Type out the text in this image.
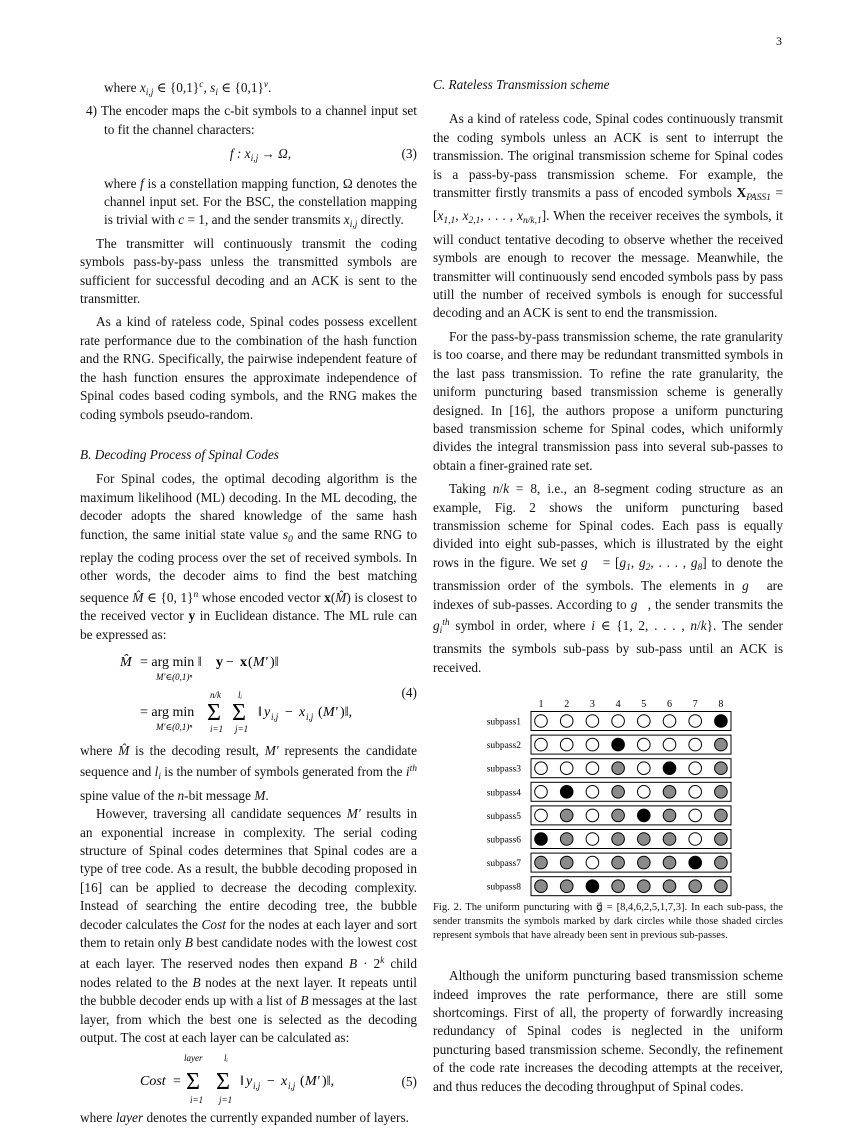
3

where $x_{i,j}$ ∈ $\{0,1\}^c$, $s_i$ ∈ $\{0,1\}^v$.

4) The encoder maps the c-bit symbols to a channel input set to fit the channel characters:

f : $x_{i,j} \to \Omega$,	(3)

where f is a constellation mapping function, Ω denotes the channel input set. For the BSC, the constellation mapping is trivial with c = 1, and the sender transmits $x_{i,j}$ directly.

The transmitter will continuously transmit the coding symbols pass-by-pass unless the transmitted symbols are sufficient for successful decoding and an ACK is sent to the transmitter.

As a kind of rateless code, Spinal codes possess excellent rate performance due to the combination of the hash function and the RNG. Specifically, the pairwise independent feature of the hash function ensures the approximate independence of Spinal codes based coding symbols, and the RNG makes the coding symbols pseudo-random.

B. Decoding Process of Spinal Codes

For Spinal codes, the optimal decoding algorithm is the maximum likelihood (ML) decoding. In the ML decoding, the decoder adopts the shared knowledge of the same hash function, the same initial state value $s_0$ and the same RNG to replay the coding process over the set of received symbols. In other words, the decoder aims to find the best matching sequence M̂ ∈ {0, 1}$^n$ whose encoded vector x(M̂) is closest to the received vector y in Euclidean distance. The ML rule can be expressed as:

M̂ = arg min ‖ y − x ( M′ )‖
M′∈(0,1)ⁿ
n/k lᵢ
= arg min Σ Σ ‖ y i,j − x i,j ( M′ )‖,
M′∈(0,1)ⁿ i=1 j=1
(4)

where M̂ is the decoding result, M′ represents the candidate sequence and $l_i$ is the number of symbols generated from the $i^{th}$ spine value of the n-bit message M.

However, traversing all candidate sequences M′ results in an exponential increase in complexity. The serial coding structure of Spinal codes determines that Spinal codes are a type of tree code. As a result, the bubble decoding proposed in [16] can be applied to decrease the decoding complexity. Instead of searching the entire decoding tree, the bubble decoder calculates the Cost for the nodes at each layer and sort them to retain only B best candidate nodes with the lowest cost at each layer. The reserved nodes then expand $B \cdot 2^k$ child nodes related to the B nodes at the next layer. It repeats until the bubble decoder ends up with a list of B messages at the last layer, from which the best one is selected as the decoding output. The cost at each layer can be calculated as:

layer lᵢ
Cost = Σ Σ ‖ y i,j − x i,j ( M′ )‖,
i=1 j=1
(5)

where layer denotes the currently expanded number of layers.

C. Rateless Transmission scheme

As a kind of rateless code, Spinal codes continuously transmit the coding symbols unless an ACK is sent to interrupt the transmission. The original transmission scheme for Spinal codes is a pass-by-pass transmission scheme. For example, the transmitter firstly transmits a pass of encoded symbols $X_{PASS1} = [x_{1,1}$, $x_{2,1}$, . . . , $x_{n/k,1}$]. When the receiver receives the symbols, it will conduct tentative decoding to observe whether the received symbols are enough to recover the message. Meanwhile, the transmitter will continuously send encoded symbols pass by pass utill the number of received symbols is enough for successful decoding and an ACK is sent to end the transmission.

For the pass-by-pass transmission scheme, the rate granularity is too coarse, and there may be redundant transmitted symbols in the last pass transmission. To refine the rate granularity, the uniform puncturing based transmission scheme is generally designed. In [16], the authors propose a uniform puncturing based transmission scheme for Spinal codes, which uniformly divides the integral transmission pass into several sub-passes to obtain a finer-grained rate set.

Taking n/k = 8, i.e., an 8-segment coding structure as an example, Fig. 2 shows the uniform puncturing based transmission scheme for Spinal codes. Each pass is equally divided into eight sub-passes, which is illustrated by the eight rows in the figure. We set g⃗ = [$g_1$, $g_2$, . . . , $g_8$] to denote the transmission order of the symbols. The elements in g⃗ are indexes of sub-passes. According to g⃗, the sender transmits the $g_i^{th}$ symbol in order, where i ∈ {1, 2, . . . , n/k}. The sender transmits the symbols sub-pass by sub-pass until an ACK is received.

1 2 3 4 5 6 7 8
subpass1
subpass2
subpass3
subpass4
subpass5
subpass6
subpass7
subpass8

Fig. 2. The uniform puncturing with g⃗ = [8,4,6,2,5,1,7,3]. In each sub-pass, the sender transmits the symbols marked by dark circles while those shaded circles represent symbols that have already been sent in previous sub-passes.

Although the uniform puncturing based transmission scheme indeed improves the rate performance, there are still some shortcomings. First of all, the property of forwardly increasing redundancy of Spinal codes is neglected in the uniform puncturing based transmission scheme. Secondly, the refinement of the code rate increases the decoding attempts at the receiver, and thus reduces the decoding throughput of Spinal codes.
